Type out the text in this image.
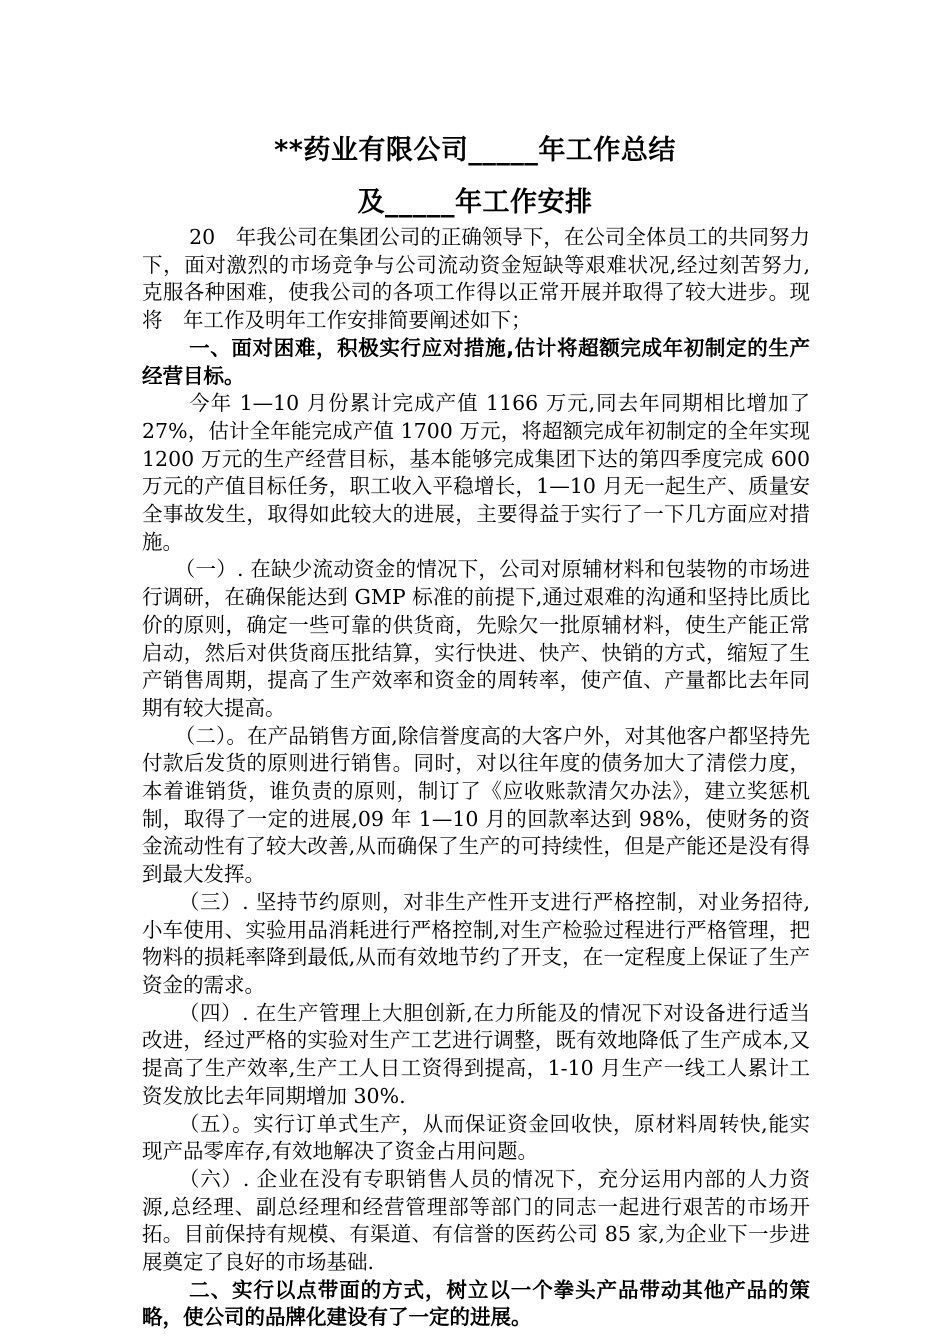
**药业有限公司_____年工作总结
及_____年工作安排

20　年我公司在集团公司的正确领导下，在公司全体员工的共同努力下，面对激烈的市场竞争与公司流动资金短缺等艰难状况,经过刻苦努力,克服各种困难，使我公司的各项工作得以正常开展并取得了较大进步。现将　年工作及明年工作安排简要阐述如下；

一、面对困难，积极实行应对措施,估计将超额完成年初制定的生产经营目标。

今年 1—10 月份累计完成产值 1166 万元,同去年同期相比增加了 27%，估计全年能完成产值 1700 万元，将超额完成年初制定的全年实现 1200 万元的生产经营目标，基本能够完成集团下达的第四季度完成 600 万元的产值目标任务，职工收入平稳增长，1—10 月无一起生产、质量安全事故发生，取得如此较大的进展，主要得益于实行了一下几方面应对措施。

（一）. 在缺少流动资金的情况下，公司对原辅材料和包装物的市场进行调研，在确保能达到 GMP 标准的前提下,通过艰难的沟通和坚持比质比价的原则，确定一些可靠的供货商，先赊欠一批原辅材料，使生产能正常启动，然后对供货商压批结算，实行快进、快产、快销的方式，缩短了生产销售周期，提高了生产效率和资金的周转率，使产值、产量都比去年同期有较大提高。

（二）。在产品销售方面,除信誉度高的大客户外，对其他客户都坚持先付款后发货的原则进行销售。同时，对以往年度的债务加大了清偿力度，本着谁销货，谁负责的原则，制订了《应收账款清欠办法》，建立奖惩机制，取得了一定的进展,09 年 1—10 月的回款率达到 98%，使财务的资金流动性有了较大改善,从而确保了生产的可持续性，但是产能还是没有得到最大发挥。

（三）. 坚持节约原则，对非生产性开支进行严格控制，对业务招待,小车使用、实验用品消耗进行严格控制,对生产检验过程进行严格管理，把物料的损耗率降到最低,从而有效地节约了开支，在一定程度上保证了生产资金的需求。

（四）. 在生产管理上大胆创新,在力所能及的情况下对设备进行适当改进，经过严格的实验对生产工艺进行调整，既有效地降低了生产成本,又提高了生产效率,生产工人日工资得到提高，1-10 月生产一线工人累计工资发放比去年同期增加 30%.

（五）。实行订单式生产，从而保证资金回收快，原材料周转快,能实现产品零库存,有效地解决了资金占用问题。

（六）. 企业在没有专职销售人员的情况下，充分运用内部的人力资源,总经理、副总经理和经营管理部等部门的同志一起进行艰苦的市场开拓。目前保持有规模、有渠道、有信誉的医药公司 85 家,为企业下一步进展奠定了良好的市场基础.

二、实行以点带面的方式，树立以一个拳头产品带动其他产品的策略，使公司的品牌化建设有了一定的进展。
